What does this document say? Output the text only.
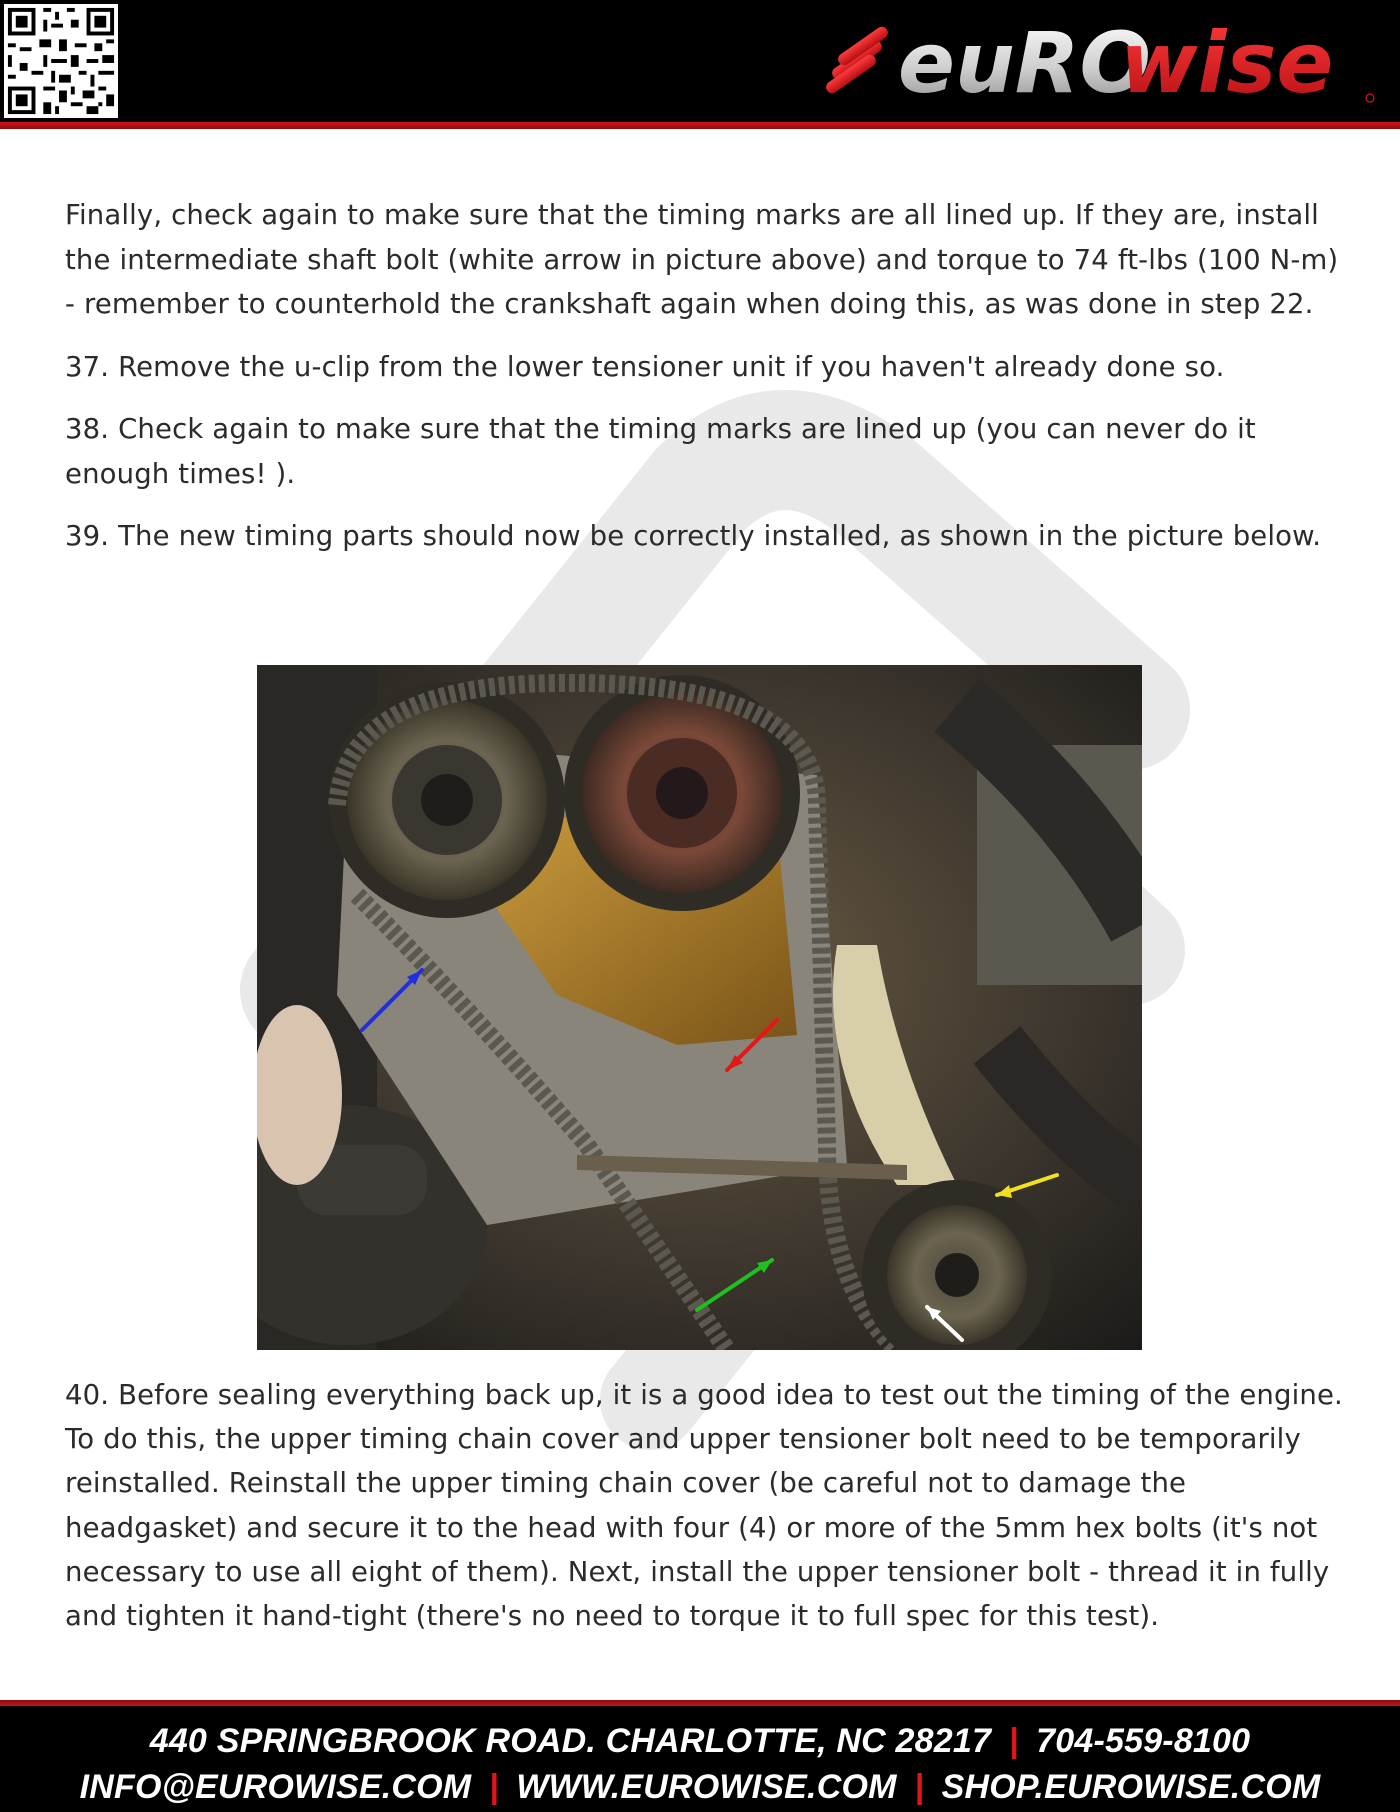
euRO
wise

Finally, check again to make sure that the timing marks are all lined up. If they are, install the intermediate shaft bolt (white arrow in picture above) and torque to 74 ft-lbs (100 N-m) - remember to counterhold the crankshaft again when doing this, as was done in step 22.

37. Remove the u-clip from the lower tensioner unit if you haven't already done so.

38. Check again to make sure that the timing marks are lined up (you can never do it enough times! ).

39. The new timing parts should now be correctly installed, as shown in the picture below.

40. Before sealing everything back up, it is a good idea to test out the timing of the engine. To do this, the upper timing chain cover and upper tensioner bolt need to be temporarily reinstalled. Reinstall the upper timing chain cover (be careful not to damage the headgasket) and secure it to the head with four (4) or more of the 5mm hex bolts (it's not necessary to use all eight of them). Next, install the upper tensioner bolt - thread it in fully and tighten it hand-tight (there's no need to torque it to full spec for this test).

440 SPRINGBROOK ROAD. CHARLOTTE, NC 28217 | 704-559-8100
INFO@EUROWISE.COM | WWW.EUROWISE.COM | SHOP.EUROWISE.COM
